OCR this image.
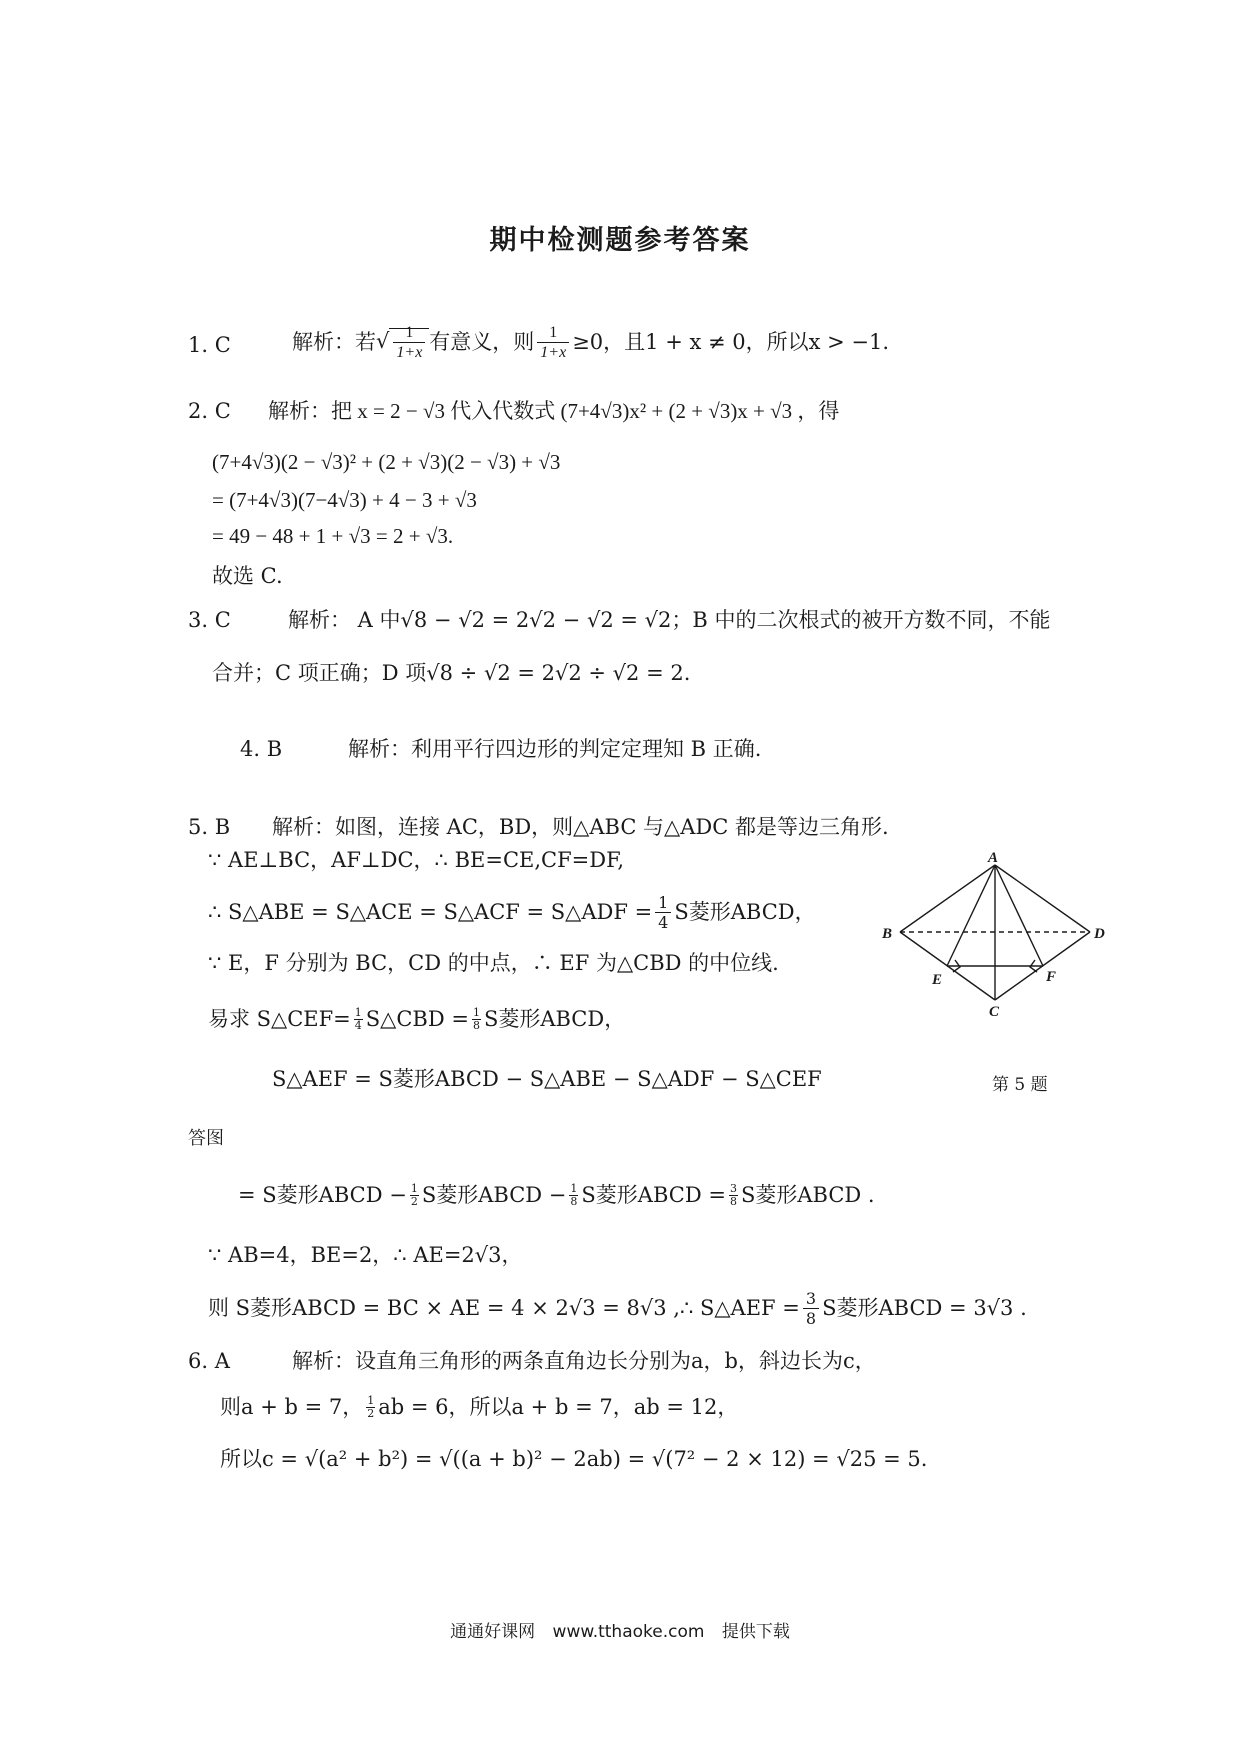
期中检测题参考答案
1. C	解析：若 √ $\frac{1}{1+x}$ 有意义，则 $\frac{1}{1+x} \ge 0$，且1 + x ≠ 0，所以x > −1.
2. C 解析：把 x = 2 − √3 代入代数式 (7+4√3)x² + (2 + √3)x + √3 ，得
(7+4√3)(2 − √3)² + (2 + √3)(2 − √3) + √3
= (7+4√3)(7−4√3) + 4 − 3 + √3
= 49 − 48 + 1 + √3 = 2 + √3.
故选 C.
3. C	解析： A 中√8 − √2 = 2√2 − √2 = √2；B 中的二次根式的被开方数不同，不能
合并；C 项正确；D 项√8 ÷ √2 = 2√2 ÷ √2 = 2.
4. B	解析：利用平行四边形的判定定理知 B 正确.
5. B 解析：如图，连接 AC，BD，则△ABC 与△ADC 都是等边三角形.
∵ AE⊥BC，AF⊥DC，∴ BE=CE,CF=DF,
∴ S△ABE = S△ACE = S△ACF = S△ADF = $\frac{1}{4}$ S菱形ABCD，
∵ E，F 分别为 BC，CD 的中点，∴ EF 为△CBD 的中位线.
易求 S△CEF= $\frac{1}{4}$ S△CBD = $\frac{1}{8}$ S菱形ABCD，
S△AEF = S菱形ABCD − S△ABE − S△ADF − S△CEF
答图
= S菱形ABCD − $\frac{1}{2}$ S菱形ABCD − $\frac{1}{8}$ S菱形ABCD = $\frac{3}{8}$ S菱形ABCD .
∵ AB=4，BE=2，∴ AE=2√3，
则 S菱形ABCD = BC × AE = 4 × 2√3 = 8√3 ,∴ S△AEF = $\frac{3}{8}$ S菱形ABCD = 3√3 .
A
B	D
E	F
C
第 5 题
6. A	解析：设直角三角形的两条直角边长分别为a，b，斜边长为c，
则a + b = 7， $\frac{1}{2}$ ab = 6，所以a + b = 7，ab = 12，
所以c = √(a² + b²) = √((a + b)² − 2ab) = √(7² − 2 × 12) = √25 = 5.
通通好课网 www.tthaoke.com 提供下载
